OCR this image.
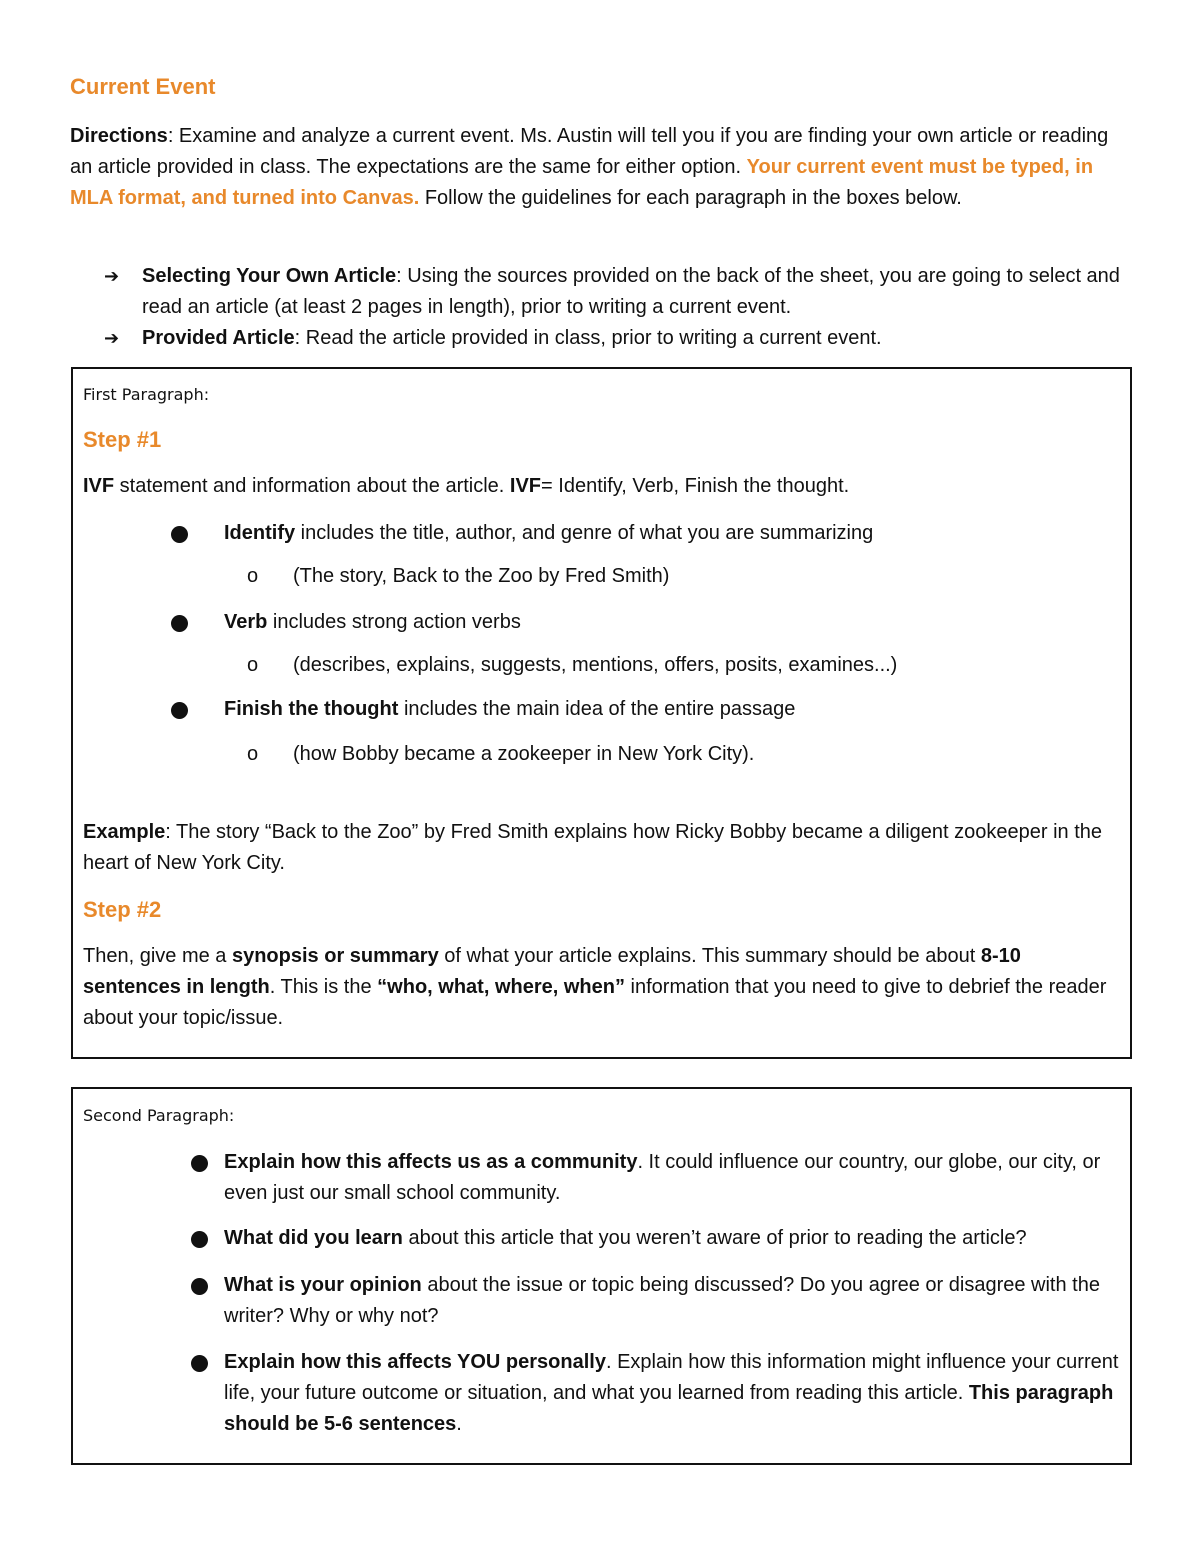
Current Event
Directions: Examine and analyze a current event. Ms. Austin will tell you if you are finding your own article or reading an article provided in class. The expectations are the same for either option. Your current event must be typed, in MLA format, and turned into Canvas. Follow the guidelines for each paragraph in the boxes below.
➔ Selecting Your Own Article: Using the sources provided on the back of the sheet, you are going to select and read an article (at least 2 pages in length), prior to writing a current event.
➔ Provided Article: Read the article provided in class, prior to writing a current event.
First Paragraph:
Step #1
IVF statement and information about the article. IVF= Identify, Verb, Finish the thought.
Identify includes the title, author, and genre of what you are summarizing
o (The story, Back to the Zoo by Fred Smith)
Verb includes strong action verbs
o (describes, explains, suggests, mentions, offers, posits, examines...)
Finish the thought includes the main idea of the entire passage
o (how Bobby became a zookeeper in New York City).
Example: The story “Back to the Zoo” by Fred Smith explains how Ricky Bobby became a diligent zookeeper in the heart of New York City.
Step #2
Then, give me a synopsis or summary of what your article explains. This summary should be about 8-10 sentences in length. This is the “who, what, where, when” information that you need to give to debrief the reader about your topic/issue.
Second Paragraph:
Explain how this affects us as a community. It could influence our country, our globe, our city, or even just our small school community.
What did you learn about this article that you weren’t aware of prior to reading the article?
What is your opinion about the issue or topic being discussed? Do you agree or disagree with the writer? Why or why not?
Explain how this affects YOU personally. Explain how this information might influence your current life, your future outcome or situation, and what you learned from reading this article. This paragraph should be 5-6 sentences.
